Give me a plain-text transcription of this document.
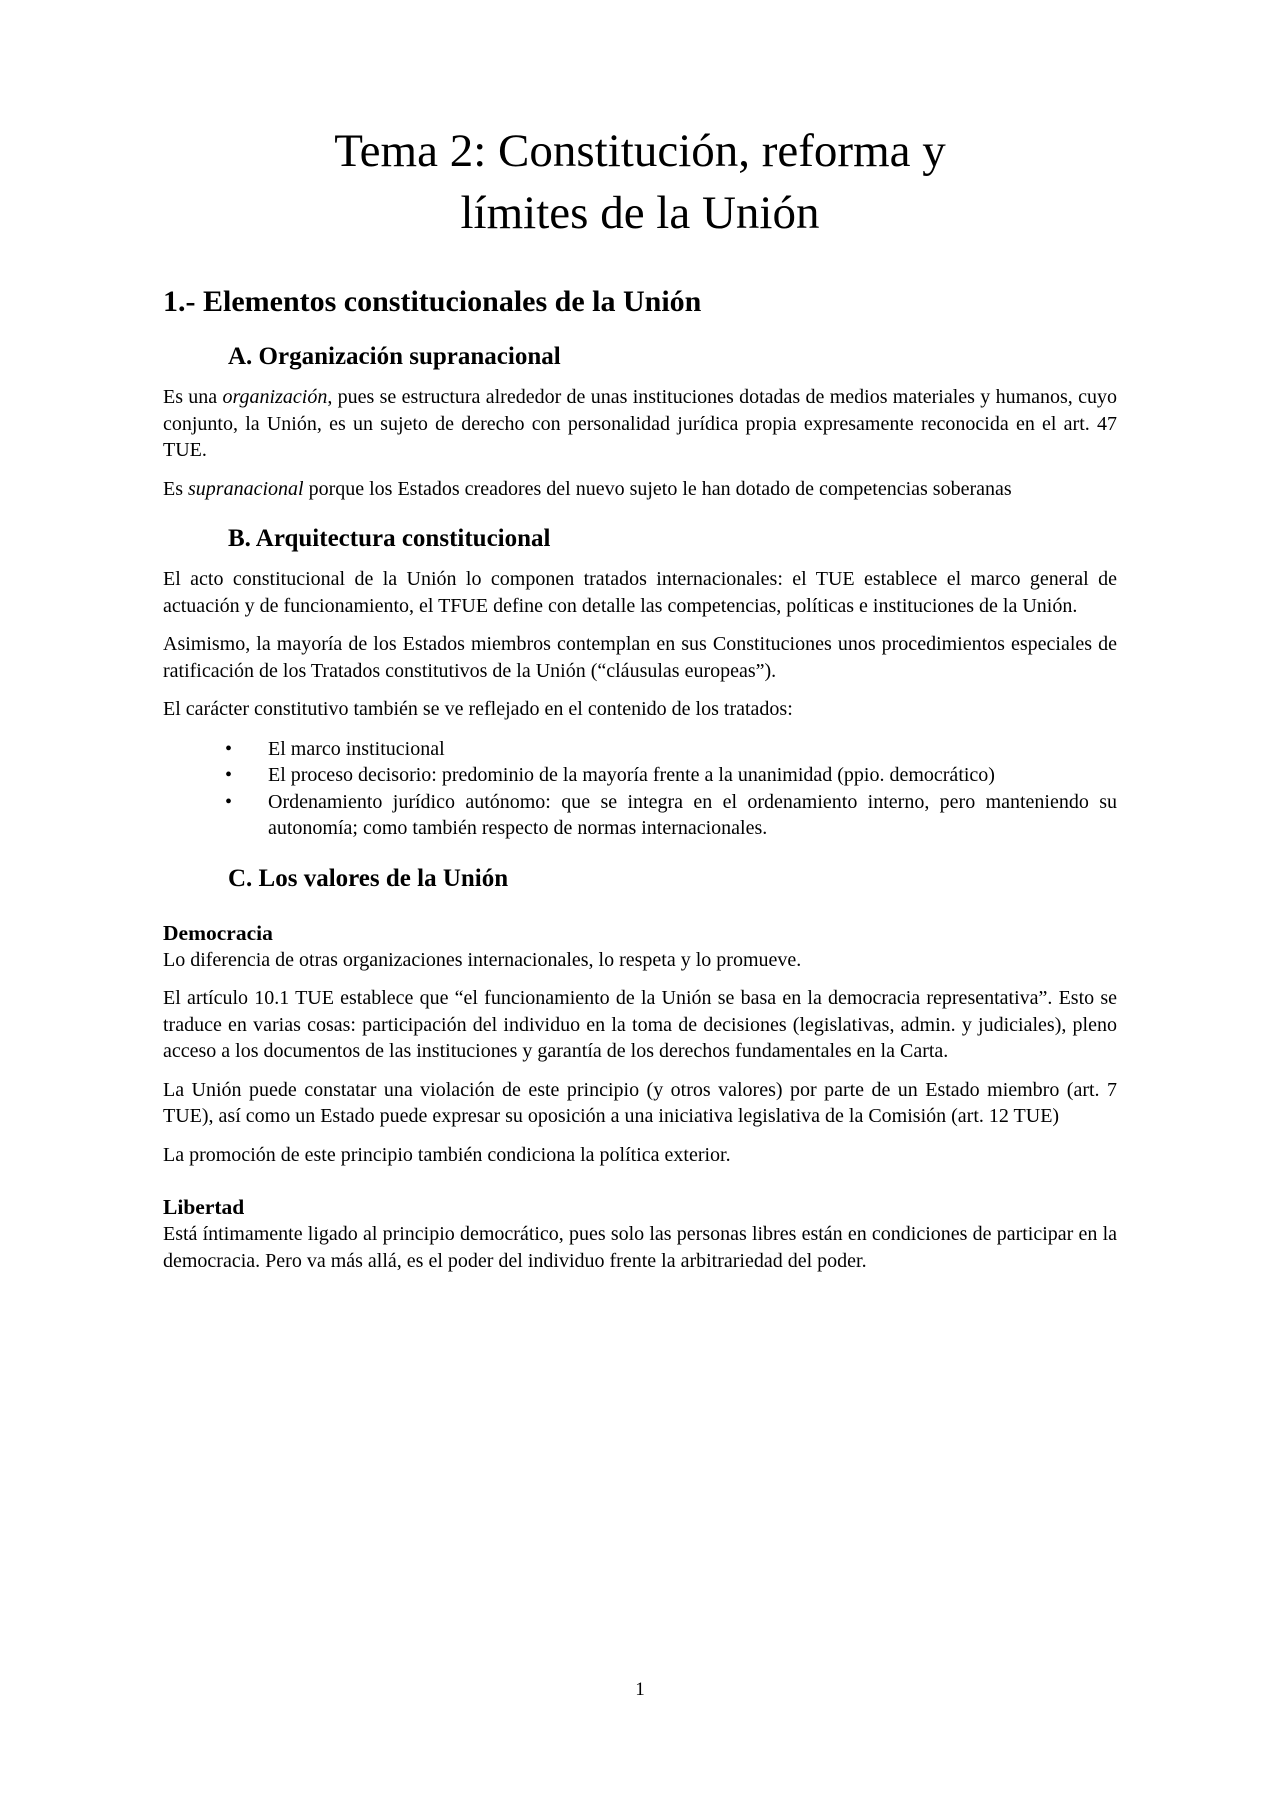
Tema 2: Constitución, reforma y
límites de la Unión
1.- Elementos constitucionales de la Unión
A. Organización supranacional
Es una organización, pues se estructura alrededor de unas instituciones dotadas de medios materiales y humanos, cuyo conjunto, la Unión, es un sujeto de derecho con personalidad jurídica propia expresamente reconocida en el art. 47 TUE.
Es supranacional porque los Estados creadores del nuevo sujeto le han dotado de competencias soberanas
B. Arquitectura constitucional
El acto constitucional de la Unión lo componen tratados internacionales: el TUE establece el marco general de actuación y de funcionamiento, el TFUE define con detalle las competencias, políticas e instituciones de la Unión.
Asimismo, la mayoría de los Estados miembros contemplan en sus Constituciones unos procedimientos especiales de ratificación de los Tratados constitutivos de la Unión (“cláusulas europeas”).
El carácter constitutivo también se ve reflejado en el contenido de los tratados:
• El marco institucional
• El proceso decisorio: predominio de la mayoría frente a la unanimidad (ppio. democrático)
• Ordenamiento jurídico autónomo: que se integra en el ordenamiento interno, pero manteniendo su autonomía; como también respecto de normas internacionales.
C. Los valores de la Unión
Democracia
Lo diferencia de otras organizaciones internacionales, lo respeta y lo promueve.
El artículo 10.1 TUE establece que “el funcionamiento de la Unión se basa en la democracia representativa”. Esto se traduce en varias cosas: participación del individuo en la toma de decisiones (legislativas, admin. y judiciales), pleno acceso a los documentos de las instituciones y garantía de los derechos fundamentales en la Carta.
La Unión puede constatar una violación de este principio (y otros valores) por parte de un Estado miembro (art. 7 TUE), así como un Estado puede expresar su oposición a una iniciativa legislativa de la Comisión (art. 12 TUE)
La promoción de este principio también condiciona la política exterior.
Libertad
Está íntimamente ligado al principio democrático, pues solo las personas libres están en condiciones de participar en la democracia. Pero va más allá, es el poder del individuo frente la arbitrariedad del poder.
1
